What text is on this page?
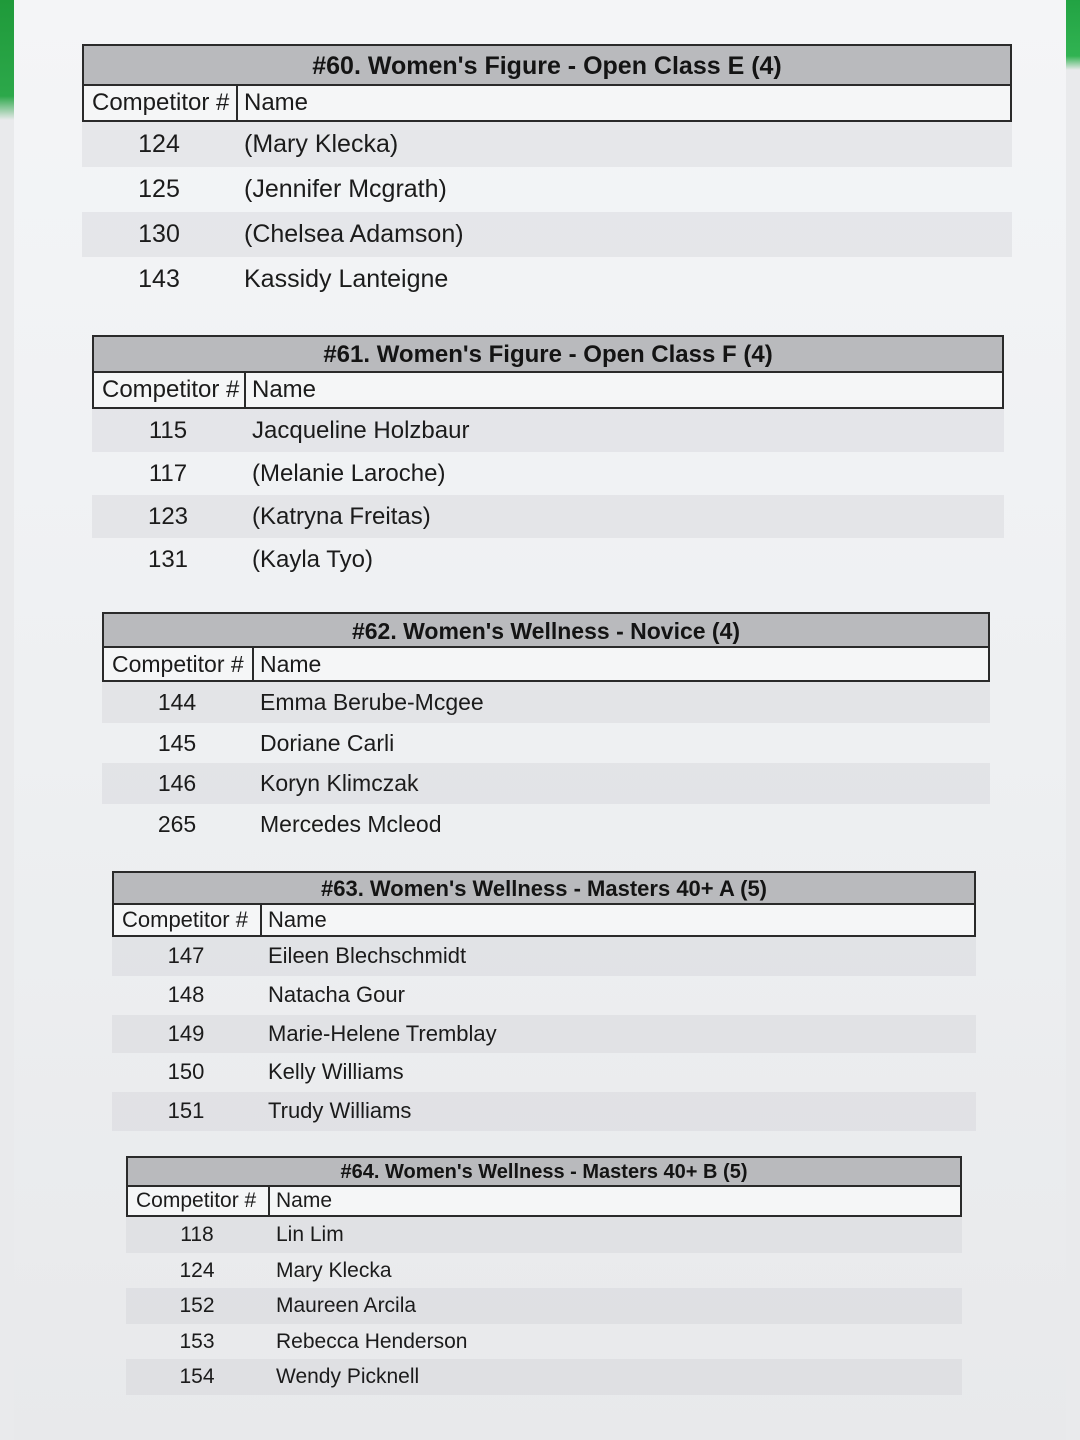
#60. Women's Figure - Open Class E (4)
Competitor # Name
124	(Mary Klecka)
125	(Jennifer Mcgrath)
130	(Chelsea Adamson)
143	Kassidy Lanteigne
#61. Women's Figure - Open Class F (4)
Competitor # Name
115	Jacqueline Holzbaur
117	(Melanie Laroche)
123	(Katryna Freitas)
131	(Kayla Tyo)
#62. Women's Wellness - Novice (4)
Competitor # Name
144	Emma Berube-Mcgee
145	Doriane Carli
146	Koryn Klimczak
265	Mercedes Mcleod
#63. Women's Wellness - Masters 40+ A (5)
Competitor # Name
147	Eileen Blechschmidt
148	Natacha Gour
149	Marie-Helene Tremblay
150	Kelly Williams
151	Trudy Williams
#64. Women's Wellness - Masters 40+ B (5)
Competitor # Name
118	Lin Lim
124	Mary Klecka
152	Maureen Arcila
153	Rebecca Henderson
154	Wendy Picknell
